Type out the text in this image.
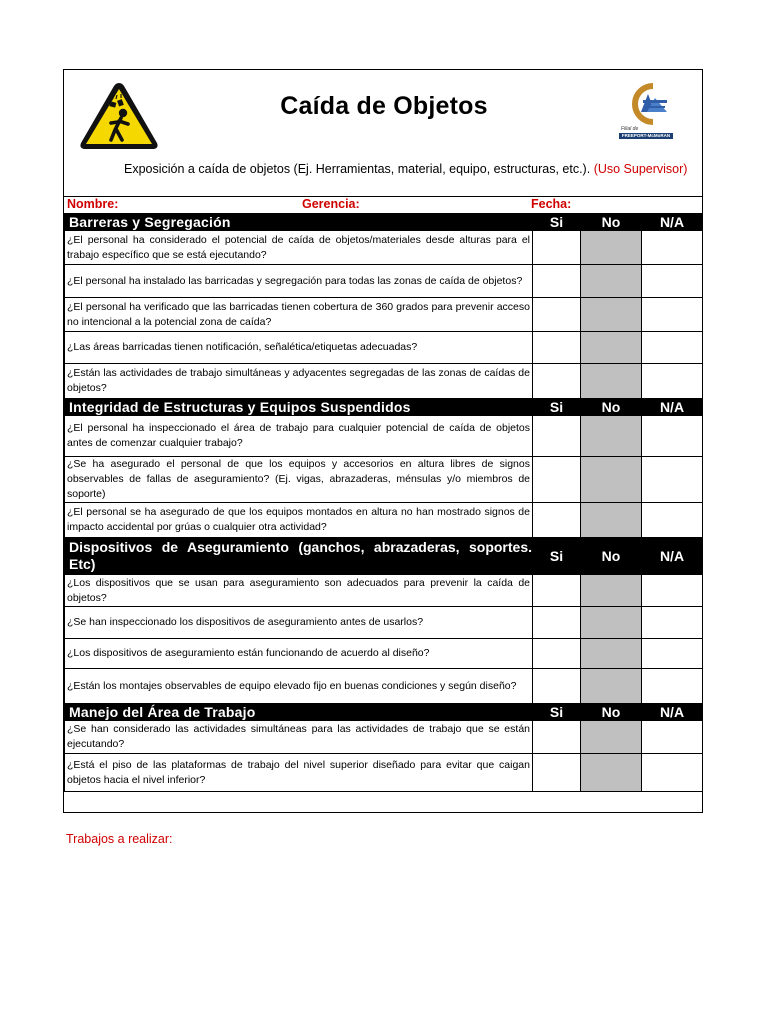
Caída de Objetos
Filial de
FREEPORT-McMoRAN
Exposición a caída de objetos (Ej. Herramientas, material, equipo, estructuras, etc.). (Uso Supervisor)
Nombre:	Gerencia:	Fecha:
Barreras y Segregación	Si	No	N/A
¿El personal ha considerado el potencial de caída de objetos/materiales desde alturas para el trabajo específico que se está ejecutando?			
¿El personal ha instalado las barricadas y segregación para todas las zonas de caída de objetos?			
¿El personal ha verificado que las barricadas tienen cobertura de 360 grados para prevenir acceso no intencional a la potencial zona de caída?			
¿Las áreas barricadas tienen notificación, señalética/etiquetas adecuadas?			
¿Están las actividades de trabajo simultáneas y adyacentes segregadas de las zonas de caídas de objetos?			
Integridad de Estructuras y Equipos Suspendidos	Si	No	N/A
¿El personal ha inspeccionado el área de trabajo para cualquier potencial de caída de objetos antes de comenzar cualquier trabajo?			
¿Se ha asegurado el personal de que los equipos y accesorios en altura libres de signos observables de fallas de aseguramiento? (Ej. vigas, abrazaderas, ménsulas y/o miembros de soporte)			
¿El personal se ha asegurado de que los equipos montados en altura no han mostrado signos de impacto accidental por grúas o cualquier otra actividad?			
Dispositivos de Aseguramiento (ganchos, abrazaderas, soportes. Etc)	Si	No	N/A
¿Los dispositivos que se usan para aseguramiento son adecuados para prevenir la caída de objetos?			
¿Se han inspeccionado los dispositivos de aseguramiento antes de usarlos?			
¿Los dispositivos de aseguramiento están funcionando de acuerdo al diseño?			
¿Están los montajes observables de equipo elevado fijo en buenas condiciones y según diseño?			
Manejo del Área de Trabajo	Si	No	N/A
¿Se han considerado las actividades simultáneas para las actividades de trabajo que se están ejecutando?			
¿Está el piso de las plataformas de trabajo del nivel superior diseñado para evitar que caigan objetos hacia el nivel inferior?			
Trabajos a realizar:
